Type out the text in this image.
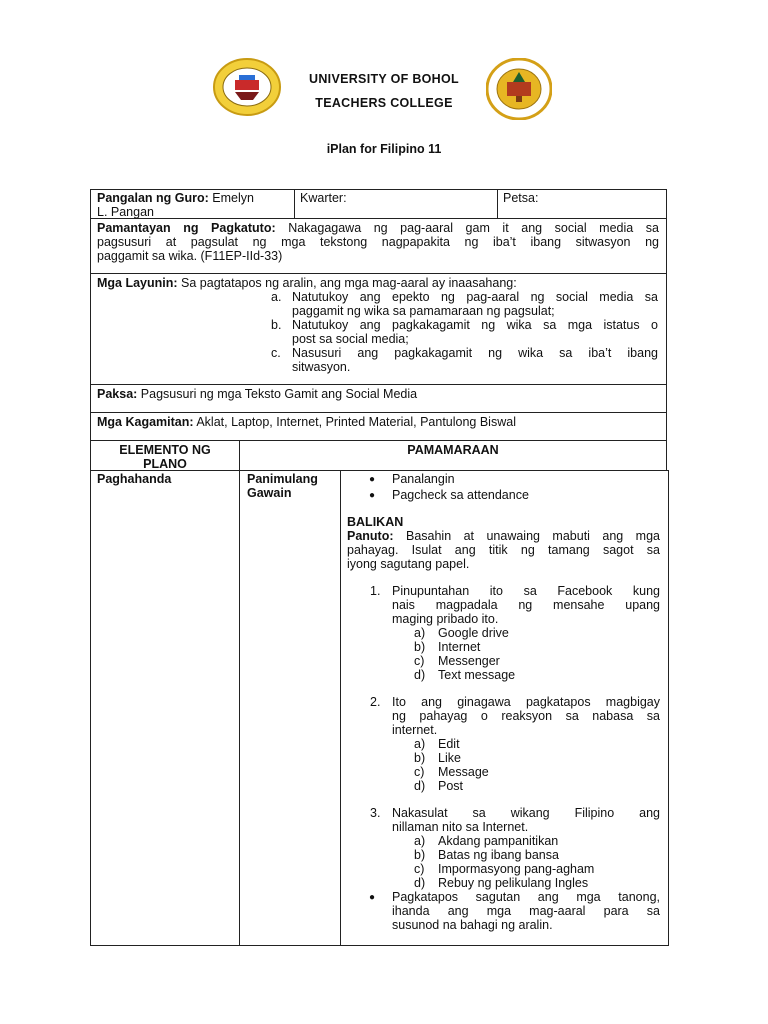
UNIVERSITY OF BOHOL
TEACHERS COLLEGE
iPlan for Filipino 11
Pangalan ng Guro: Emelyn
L. Pangan
Kwarter:	Petsa:
Pamantayan ng Pagkatuto: Nakagagawa ng pag-aaral gam it ang social media sa
pagsusuri at pagsulat ng mga tekstong nagpapakita ng iba’t ibang sitwasyon ng
paggamit sa wika. (F11EP-IId-33)
Mga Layunin: Sa pagtatapos ng aralin, ang mga mag-aaral ay inaasahang:
a. Natutukoy ang epekto ng pag-aaral ng social media sa
paggamit ng wika sa pamamaraan ng pagsulat;
b. Natutukoy ang pagkakagamit ng wika sa mga istatus o
post sa social media;
c. Nasusuri ang pagkakagamit ng wika sa iba’t ibang
sitwasyon.
Paksa: Pagsusuri ng mga Teksto Gamit ang Social Media
Mga Kagamitan: Aklat, Laptop, Internet, Printed Material, Pantulong Biswal
ELEMENTO NG
PLANO
PAMAMARAAN
Paghahanda	Panimulang
Gawain
● Panalangin
● Pagcheck sa attendance
BALIKAN
Panuto: Basahin at unawaing mabuti ang mga
pahayag. Isulat ang titik ng tamang sagot sa
iyong sagutang papel.
1. Pinupuntahan ito sa Facebook kung
nais magpadala ng mensahe upang
maging pribado ito.
a) Google drive
b) Internet
c) Messenger
d) Text message
2. Ito ang ginagawa pagkatapos magbigay
ng pahayag o reaksyon sa nabasa sa
internet.
a) Edit
b) Like
c) Message
d) Post
3. Nakasulat sa wikang Filipino ang
nillaman nito sa Internet.
a) Akdang pampanitikan
b) Batas ng ibang bansa
c) Impormasyong pang-agham
d) Rebuy ng pelikulang Ingles
● Pagkatapos sagutan ang mga tanong,
ihanda ang mga mag-aaral para sa
susunod na bahagi ng aralin.
